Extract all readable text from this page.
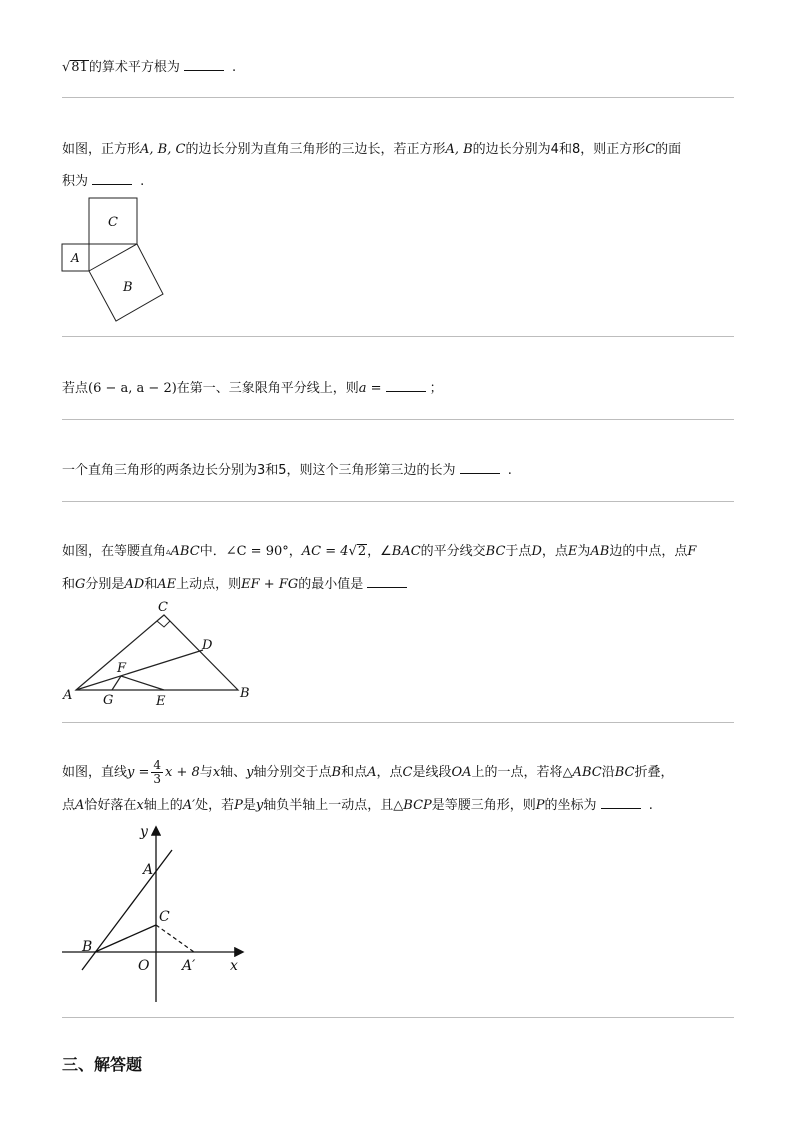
√81的算术平方根为	.
如图，正方形A, B, C的边长分别为直角三角形的三边长，若正方形A, B的边长分别为4和8，则正方形C的面
积为	.
C
A
B
若点(6 − a, a − 2)在第一、三象限角平分线上，则a =	；
一个直角三角形的两条边长分别为3和5，则这个三角形第三边的长为	.
如图，在等腰直角▵ABC中．∠C = 90°，AC = 4√2，∠BAC的平分线交BC于点D，点E为AB边的中点，点F
和G分别是AD和AE上动点，则EF + FG的最小值是
C
D
F
A G	E
B
如图，直线$y = \frac{4}{3}$ x + 8与x轴、y轴分别交于点B和点A，点C是线段OA上的一点，若将△ABC沿BC折叠，
点A恰好落在x轴上的A′处，若P是y轴负半轴上一动点，且△BCP是等腰三角形，则P的坐标为	.
y
A
C
B
O A′ x
三、解答题
